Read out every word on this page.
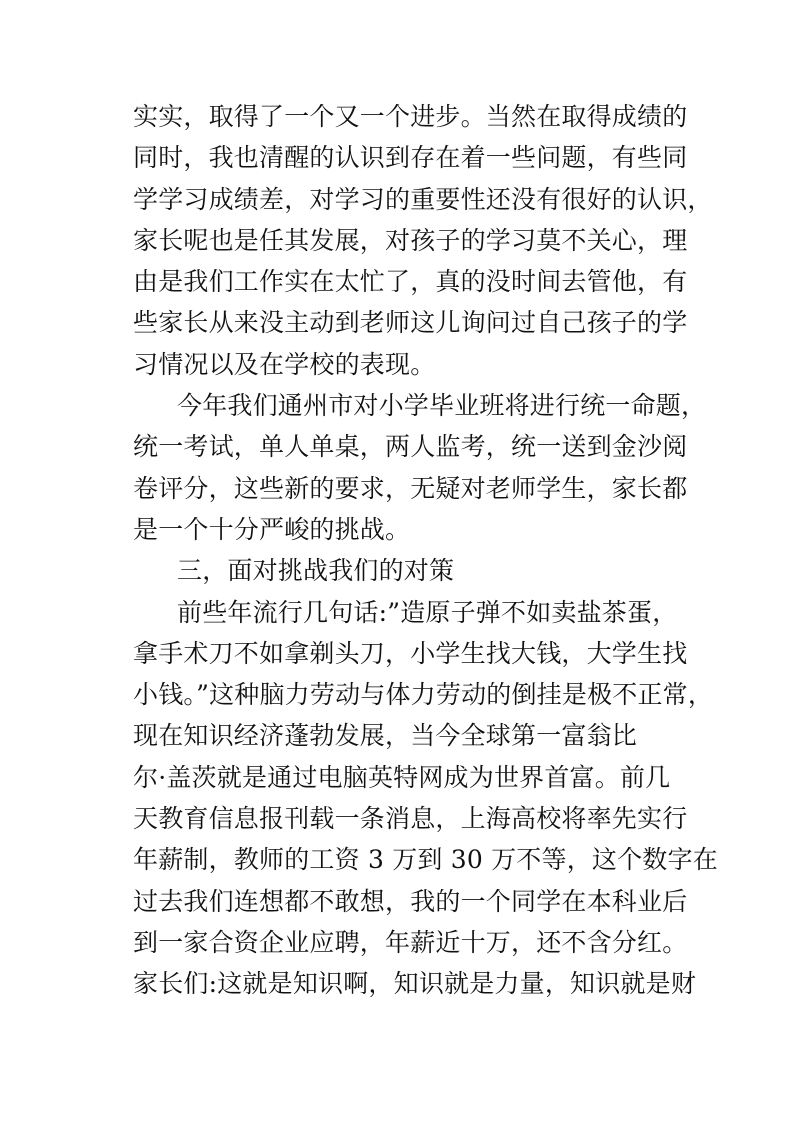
实实，取得了一个又一个进步。当然在取得成绩的
同时，我也清醒的认识到存在着一些问题，有些同
学学习成绩差，对学习的重要性还没有很好的认识，
家长呢也是任其发展，对孩子的学习莫不关心，理
由是我们工作实在太忙了，真的没时间去管他，有
些家长从来没主动到老师这儿询问过自己孩子的学
习情况以及在学校的表现。
今年我们通州市对小学毕业班将进行统一命题，
统一考试，单人单桌，两人监考，统一送到金沙阅
卷评分，这些新的要求，无疑对老师学生，家长都
是一个十分严峻的挑战。
三，面对挑战我们的对策
前些年流行几句话:”造原子弹不如卖盐茶蛋，
拿手术刀不如拿剃头刀，小学生找大钱，大学生找
小钱。”这种脑力劳动与体力劳动的倒挂是极不正常，
现在知识经济蓬勃发展，当今全球第一富翁比
尔·盖茨就是通过电脑英特网成为世界首富。前几
天教育信息报刊载一条消息，上海高校将率先实行
年薪制，教师的工资 3 万到 30 万不等，这个数字在
过去我们连想都不敢想，我的一个同学在本科业后
到一家合资企业应聘，年薪近十万，还不含分红。
家长们:这就是知识啊，知识就是力量，知识就是财
